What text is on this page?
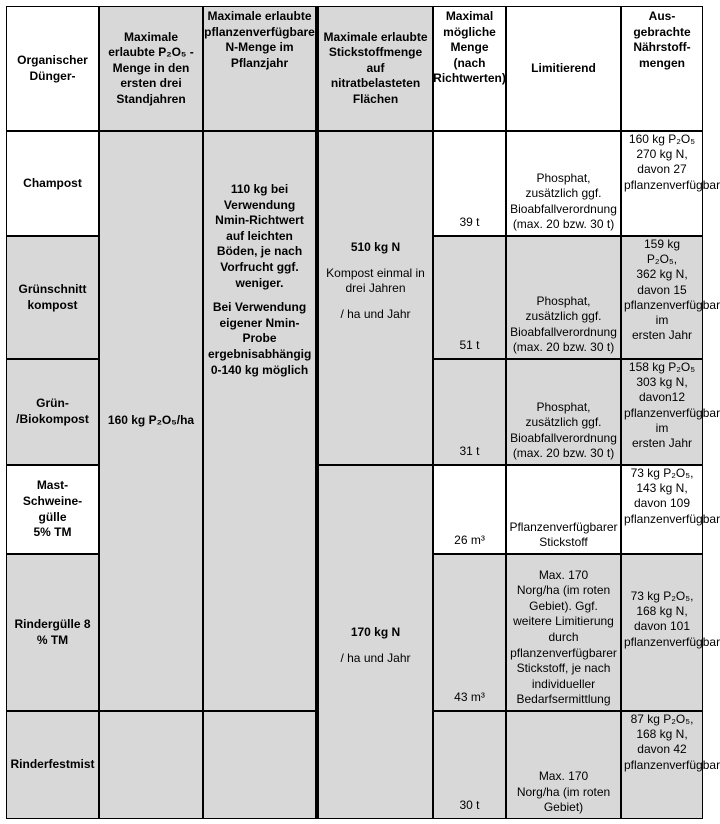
Organischer Dünger-
Maximale erlaubte P₂O₅ - Menge in den ersten drei Standjahren
Maximale erlaubte pflanzenverfügbare N-Menge im Pflanzjahr
Maximale erlaubte Stickstoffmenge auf nitratbelasteten Flächen
Maximal mögliche Menge (nach Richtwerten)
Limitierend
Aus-gebrachte Nährstoff-mengen
Champost
Grünschnitt kompost
Grün- /Biokompost
Mast-
Schweine-
gülle
5% TM
Rindergülle 8 % TM
Rinderfestmist
160 kg P₂O₅/ha
110 kg bei Verwendung Nmin-Richtwert auf leichten Böden, je nach Vorfrucht ggf. weniger.
Bei Verwendung eigener Nmin-Probe ergebnisabhängig 0-140 kg möglich
510 kg N
Kompost einmal in drei Jahren
/ ha und Jahr
170 kg N
/ ha und Jahr
39 t
51 t
31 t
26 m³
43 m³
30 t
Phosphat,
zusätzlich ggf.
Bioabfallverordnung (max. 20 bzw. 30 t)
Phosphat,
zusätzlich ggf.
Bioabfallverordnung (max. 20 bzw. 30 t)
Phosphat,
zusätzlich ggf.
Bioabfallverordnung (max. 20 bzw. 30 t)
Pflanzenverfügbarer Stickstoff
Max. 170
Norg/ha (im roten Gebiet). Ggf. weitere Limitierung durch pflanzenverfügbarer Stickstoff, je nach individueller Bedarfsermittlung
Max. 170
Norg/ha (im roten Gebiet)
160 kg P₂O₅
270 kg N,
davon 27
pflanzenverfügbar
159 kg
P₂O₅,
362 kg N,
davon 15
pflanzenverfügbar im
ersten Jahr
158 kg P₂O₅
303 kg N,
davon12
pflanzenverfügbar im
ersten Jahr
73 kg P₂O₅,
143 kg N,
davon 109
pflanzenverfügbar
73 kg P₂O₅,
168 kg N,
davon 101
pflanzenverfügbar
87 kg P₂O₅,
168 kg N,
davon 42
pflanzenverfügbar
